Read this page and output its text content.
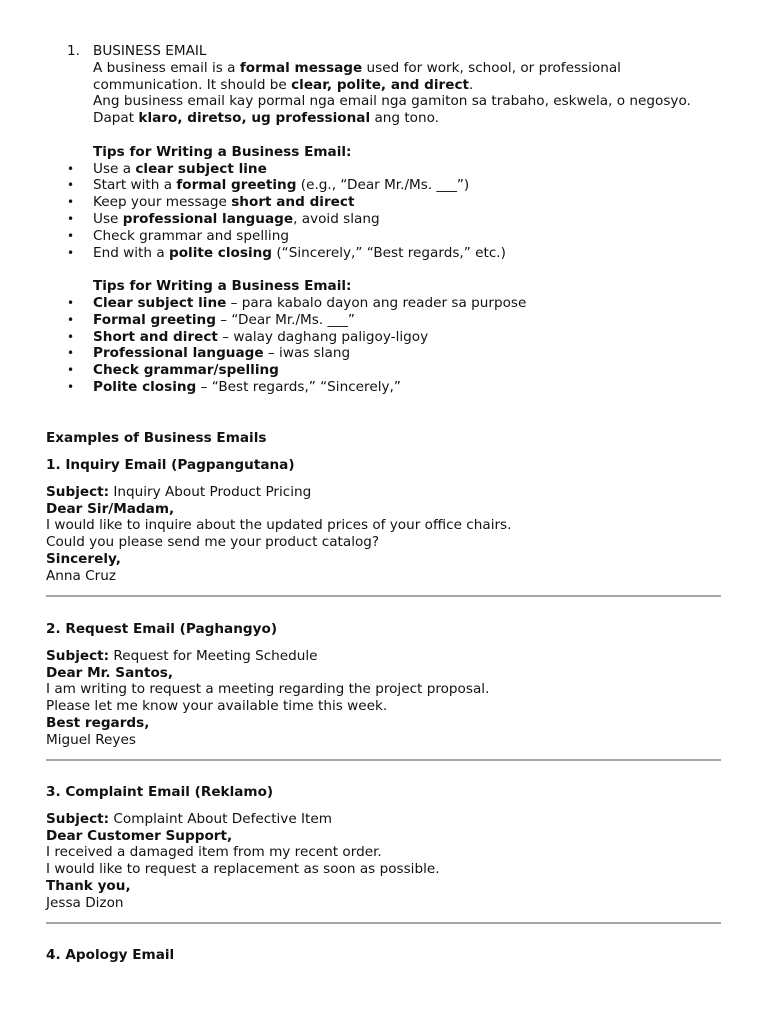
1. BUSINESS EMAIL
A business email is a formal message used for work, school, or professional
communication. It should be clear, polite, and direct.
Ang business email kay pormal nga email nga gamiton sa trabaho, eskwela, o negosyo.
Dapat klaro, diretso, ug professional ang tono.
Tips for Writing a Business Email:
• Use a clear subject line
• Start with a formal greeting (e.g., “Dear Mr./Ms. ___”)
• Keep your message short and direct
• Use professional language, avoid slang
• Check grammar and spelling
• End with a polite closing (“Sincerely,” “Best regards,” etc.)
Tips for Writing a Business Email:
• Clear subject line – para kabalo dayon ang reader sa purpose
• Formal greeting – “Dear Mr./Ms. ___”
• Short and direct – walay daghang paligoy-ligoy
• Professional language – iwas slang
• Check grammar/spelling
• Polite closing – “Best regards,” “Sincerely,”
Examples of Business Emails
1. Inquiry Email (Pagpangutana)
Subject: Inquiry About Product Pricing
Dear Sir/Madam,
I would like to inquire about the updated prices of your office chairs.
Could you please send me your product catalog?
Sincerely,
Anna Cruz
2. Request Email (Paghangyo)
Subject: Request for Meeting Schedule
Dear Mr. Santos,
I am writing to request a meeting regarding the project proposal.
Please let me know your available time this week.
Best regards,
Miguel Reyes
3. Complaint Email (Reklamo)
Subject: Complaint About Defective Item
Dear Customer Support,
I received a damaged item from my recent order.
I would like to request a replacement as soon as possible.
Thank you,
Jessa Dizon
4. Apology Email
